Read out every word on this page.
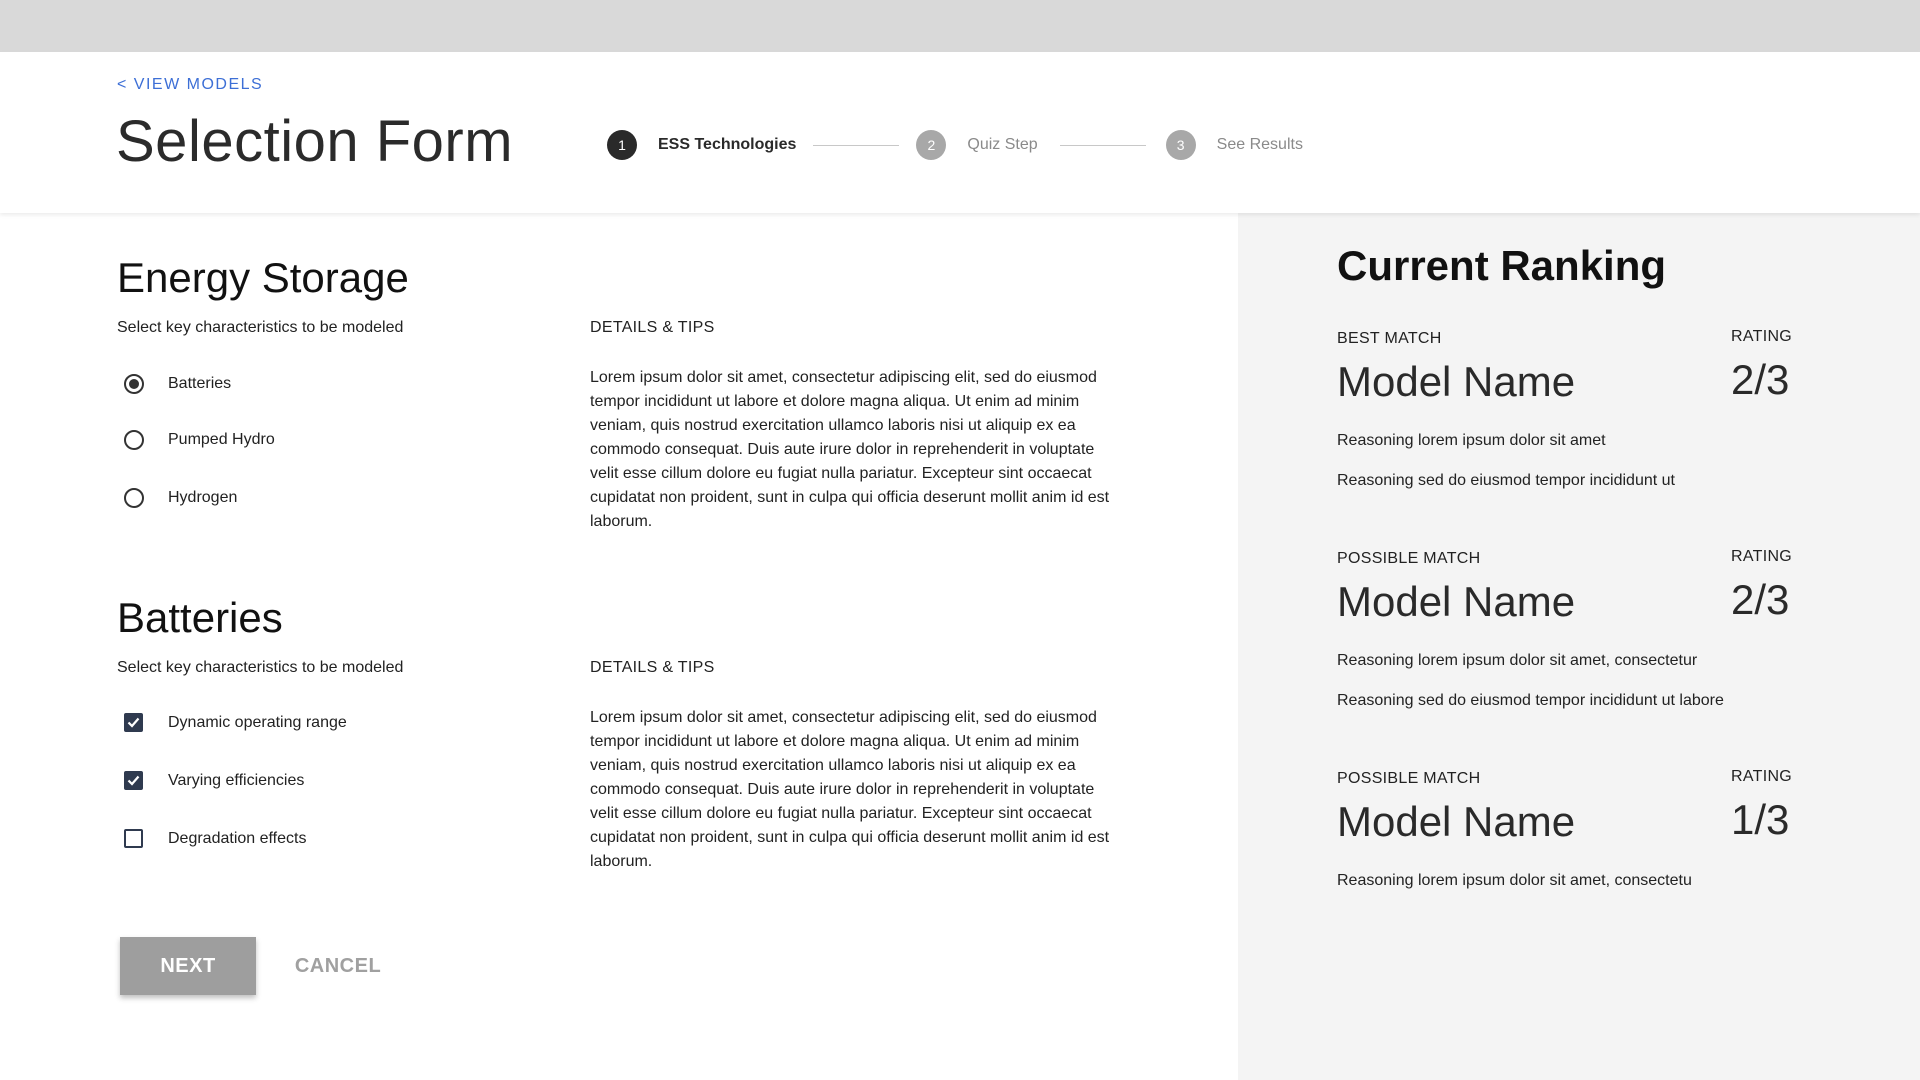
< VIEW MODELS
Selection Form	1	ESS Technologies	2	Quiz Step	3	See Results
Energy Storage

Select key characteristics to be modeled	DETAILS & TIPS

Lorem ipsum dolor sit amet, consectetur adipiscing elit, sed do eiusmod tempor incididunt ut labore et dolore magna aliqua. Ut enim ad minim veniam, quis nostrud exercitation ullamco laboris nisi ut aliquip ex ea commodo consequat. Duis aute irure dolor in reprehenderit in voluptate velit esse cillum dolore eu fugiat nulla pariatur. Excepteur sint occaecat cupidatat non proident, sunt in culpa qui officia deserunt mollit anim id est laborum.

Batteries
Pumped Hydro
Hydrogen
Batteries

Select key characteristics to be modeled	DETAILS & TIPS

Lorem ipsum dolor sit amet, consectetur adipiscing elit, sed do eiusmod tempor incididunt ut labore et dolore magna aliqua. Ut enim ad minim veniam, quis nostrud exercitation ullamco laboris nisi ut aliquip ex ea commodo consequat. Duis aute irure dolor in reprehenderit in voluptate velit esse cillum dolore eu fugiat nulla pariatur. Excepteur sint occaecat cupidatat non proident, sunt in culpa qui officia deserunt mollit anim id est laborum.

Dynamic operating range
Varying efficiencies
Degradation effects
NEXT	CANCEL
Current Ranking

BEST MATCH	RATING

Model Name	2/3

Reasoning lorem ipsum dolor sit amet

Reasoning sed do eiusmod tempor incididunt ut

POSSIBLE MATCH	RATING

Model Name	2/3

Reasoning lorem ipsum dolor sit amet, consectetur

Reasoning sed do eiusmod tempor incididunt ut labore

POSSIBLE MATCH	RATING

Model Name	1/3

Reasoning lorem ipsum dolor sit amet, consectetu
